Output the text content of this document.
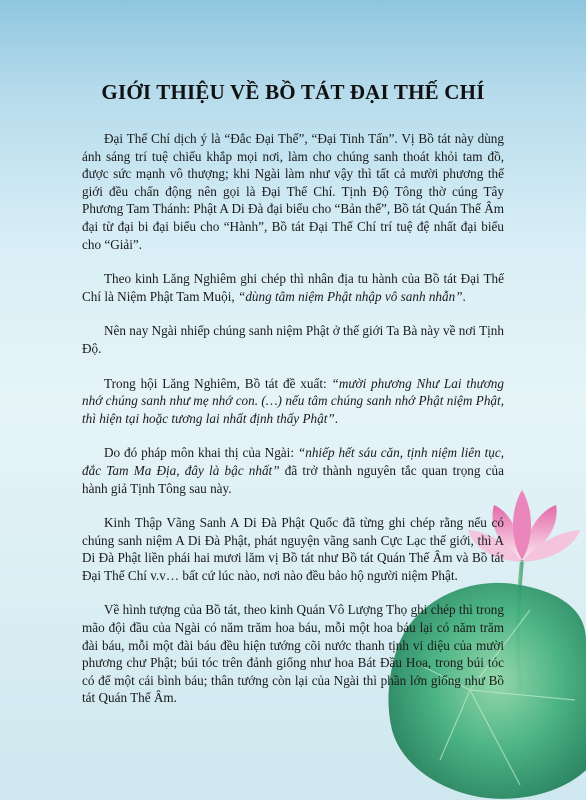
GIỚI THIỆU VỀ BỒ TÁT ĐẠI THẾ CHÍ

Đại Thế Chí dịch ý là “Đắc Đại Thế”, “Đại Tinh Tấn”. Vị Bồ tát này dùng ánh sáng trí tuệ chiếu khắp mọi nơi, làm cho chúng sanh thoát khỏi tam đồ, được sức mạnh vô thượng; khi Ngài làm như vậy thì tất cả mười phương thế giới đều chấn động nên gọi là Đại Thế Chí. Tịnh Độ Tông thờ cúng Tây Phương Tam Thánh: Phật A Di Đà đại biểu cho “Bản thể”, Bồ tát Quán Thế Âm đại từ đại bi đại biểu cho “Hành”, Bồ tát Đại Thế Chí trí tuệ đệ nhất đại biểu cho “Giải”.

Theo kinh Lăng Nghiêm ghi chép thì nhân địa tu hành của Bồ tát Đại Thế Chí là Niệm Phật Tam Muội, “dùng tâm niệm Phật nhập vô sanh nhẫn”.

Nên nay Ngài nhiếp chúng sanh niệm Phật ở thế giới Ta Bà này về nơi Tịnh Độ.

Trong hội Lăng Nghiêm, Bồ tát đề xuất: “mười phương Như Lai thương nhớ chúng sanh như mẹ nhớ con. (…) nếu tâm chúng sanh nhớ Phật niệm Phật, thì hiện tại hoặc tương lai nhất định thấy Phật”.

Do đó pháp môn khai thị của Ngài: “nhiếp hết sáu căn, tịnh niệm liên tục, đắc Tam Ma Địa, đây là bậc nhất” đã trở thành nguyên tắc quan trọng của hành giả Tịnh Tông sau này.

Kinh Thập Vãng Sanh A Di Đà Phật Quốc đã từng ghi chép rằng nếu có chúng sanh niệm A Di Đà Phật, phát nguyện vãng sanh Cực Lạc thế giới, thì A Di Đà Phật liền phái hai mươi lăm vị Bồ tát như Bồ tát Quán Thế Âm và Bồ tát Đại Thế Chí v.v… bất cứ lúc nào, nơi nào đều bảo hộ người niệm Phật.

Về hình tượng của Bồ tát, theo kinh Quán Vô Lượng Thọ ghi chép thì trong mão đội đầu của Ngài có năm trăm hoa báu, mỗi một hoa báu lại có năm trăm đài báu, mỗi một đài báu đều hiện tướng cõi nước thanh tịnh vi diệu của mười phương chư Phật; búi tóc trên đảnh giống như hoa Bát Đầu Hoa, trong búi tóc có để một cái bình báu; thân tướng còn lại của Ngài thì phần lớn giống như Bồ tát Quán Thế Âm.
